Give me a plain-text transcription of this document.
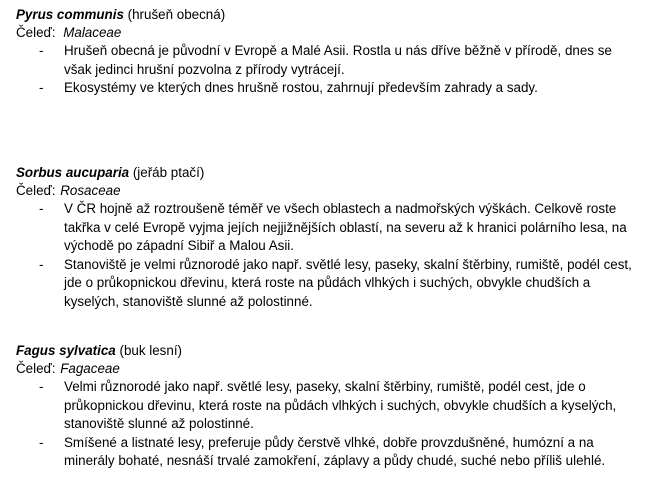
Pyrus communis (hrušeň obecná)
Čeleď: Malaceae
- Hrušeň obecná je původní v Evropě a Malé Asii. Rostla u nás dříve běžně v přírodě, dnes se však jedinci hrušní pozvolna z přírody vytrácejí.
- Ekosystémy ve kterých dnes hrušně rostou, zahrnují především zahrady a sady.
Sorbus aucuparia (jeřáb ptačí)
Čeleď: Rosaceae
- V ČR hojně až roztroušeně téměř ve všech oblastech a nadmořských výškách. Celkově roste takřka v celé Evropě vyjma jejích nejjižnějších oblastí, na severu až k hranici polárního lesa, na východě po západní Sibiř a Malou Asii.
- Stanoviště je velmi různorodé jako např. světlé lesy, paseky, skalní štěrbiny, rumiště, podél cest, jde o průkopnickou dřevinu, která roste na půdách vlhkých i suchých, obvykle chudších a kyselých, stanoviště slunné až polostinné.
Fagus sylvatica (buk lesní)
Čeleď: Fagaceae
- Velmi různorodé jako např. světlé lesy, paseky, skalní štěrbiny, rumiště, podél cest, jde o průkopnickou dřevinu, která roste na půdách vlhkých i suchých, obvykle chudších a kyselých, stanoviště slunné až polostinné.
- Smíšené a listnaté lesy, preferuje půdy čerstvě vlhké, dobře provzdušněné, humózní a na minerály bohaté, nesnáší trvalé zamokření, záplavy a půdy chudé, suché nebo příliš ulehlé.
